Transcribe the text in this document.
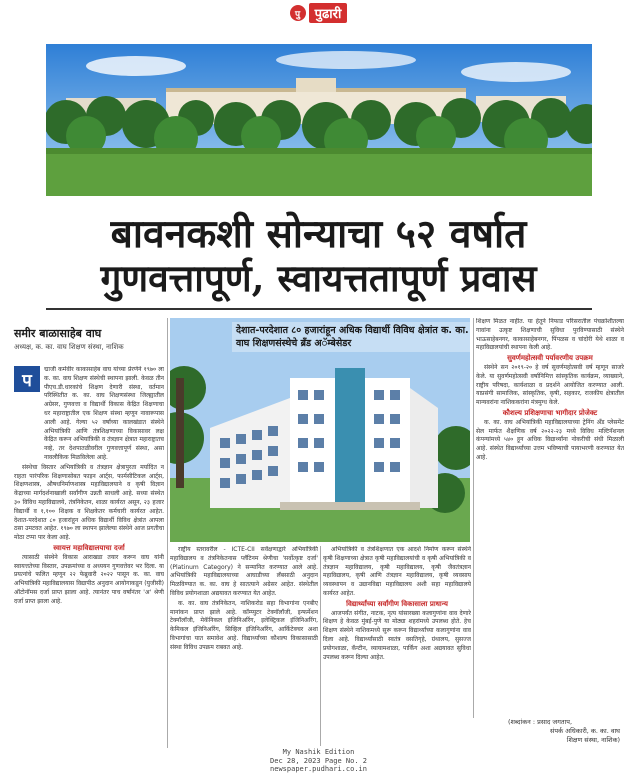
पु	पुढारी
बावनकशी सोन्याचा ५२ वर्षात
गुणवत्तापूर्ण, स्वायत्ततापूर्ण प्रवास
समीर बाळासाहेब वाघ
अध्यक्ष, क. का. वाघ शिक्षण संस्था, नाशिक
प

द्माजी कर्मवीर काकासाहेब वाघ यांच्या प्रेरणेने १९७० ला क. का. वाघ शिक्षण संस्थेची स्थापना झाली. केवळ तीन पीएच.डी.धारकांचे शिक्षण देणारी संस्था, वर्तमान परिस्थितीत क. का. वाघ शिक्षणसंस्था जिल्ह्यातील अग्रेसर, गुणवत्ता व विद्यार्थी विकास केंद्रित शिक्षणाचा धर महाराष्ट्रातील एक शिक्षण संस्था म्हणून नावारूपास आली आहे. गेल्या ५२ वर्षांच्या कालखंडात संस्थेने अभियांत्रिकी आणि तंत्रशिक्षणाच्या विकासावर लक्ष केंद्रित करून अभियांत्रिकी व तंत्रज्ञान क्षेत्रात महाराष्ट्रातच नव्हे, तर देशपातळीवरील गुणवत्तापूर्ण संस्था, असा नावलौकिक मिळविलेला आहे.

संस्थेचा विस्तार अभियांत्रिकी व तंत्रज्ञान क्षेत्रापुरता मर्यादित न राहता पारंपरिक शिक्षणासोबत फाइन आर्ट्स, फार्मसीटिकल आर्ट्स, शिक्षणशास्त्र, औषधनिर्माणशास्त्र महाविद्यालयाने व कृषी विज्ञान केंद्राच्या मार्गदर्शनाखाली सर्वांगीण उन्नती साधली आहे. सध्या संस्थेत ३० विविध महाविद्यालये, तंत्रनिकेतन, शाळा कार्यरत असून, २३ हजार विद्यार्थी व १,१०० शिक्षक व शिक्षकेतर कर्मचारी कार्यरत आहेत. देशात-परदेशात ८० हजारांहून अधिक विद्यार्थी विविध क्षेत्रांत आपला ठसा उमटवत आहेत. १९७० ला स्थापन झालेल्या संस्थेने आज प्रगतीचा मोठा टप्पा पार केला आहे.

स्वायत्त महाविद्यालयाचा दर्जा

त्यासाठी संस्थेने विकास आराखडा तयार करून वाघ यांनी स्वायत्ततेच्या विस्तार, उपक्रमांच्या व अध्ययन गुणवत्तेवर भर दिला. या प्रयत्नांचे फलित म्हणून २२ फेब्रुवारी २०२२ पासून क. का. वाघ अभियांत्रिकी महाविद्यालयास विद्यापीठ अनुदान आयोगाकडून (युजीसी) ऑटोनॉमस दर्जा प्राप्त झाला आहे. त्यानंतर पाच वर्षांनंतर 'अ' श्रेणी दर्जा प्राप्त झाला आहे.

देशात-परदेशात ८० हजारांहून अधिक विद्यार्थी विविध क्षेत्रांत क. का. वाघ शिक्षणसंस्थेचे ब्रँड अॅम्बेसेडर

राष्ट्रीय स्तरावरील - ICTE-CII सर्वेक्षणाद्वारे अभियांत्रिकी महाविद्यालय व तंत्रनिकेतनास प्लॅटिनम श्रेणीचा 'सर्वोत्कृष्ट दर्जा' (Platinum Category) ने सन्मानित करण्यात आले आहे. अभियांत्रिकी महाविद्यालयाच्या आघाडीच्या लॅबसाठी अनुदान मिळविण्यात क. का. वाघ हे सातत्याने अग्रेसर आहेत. संस्थेतील विविध प्रयोगशाळा अद्ययावत करण्यात येत आहेत.

क. का. वाघ तंत्रनिकेतन, नाशिकरोड सहा विभागांना एनबीए मानांकन प्राप्त झाले आहे. कॉम्प्युटर टेक्नॉलॉजी, इन्फर्मेशन टेक्नॉलॉजी, मेकॅनिकल इंजिनिअरिंग, इलेक्ट्रिकल इंजिनिअरिंग, केमिकल इंजिनिअरिंग, सिव्हिल इंजिनिअरिंग, आर्किटेक्चर अशा विभागांचा यात समावेश आहे. विद्यार्थ्यांच्या कौशल्य विकासासाठी संस्था विविध उपक्रम राबवत आहे.

अभियांत्रिकी व तंत्रशिक्षणात एक आदर्श निर्माण करून संस्थेने कृषी शिक्षणाच्या क्षेत्रात कृषी महाविद्यालयांची व कृषी अभियांत्रिकी व तंत्रज्ञान महाविद्यालय, कृषी महाविद्यालय, कृषी जैवतंत्रज्ञान महाविद्यालय, कृषी आणि तंत्रज्ञान महाविद्यालय, कृषी व्यवसाय व्यवस्थापन व उद्यानविद्या महाविद्यालय अशी सहा महाविद्यालये कार्यरत आहेत.

विद्यार्थ्यांच्या सर्वांगीण विकासाला प्राधान्य

आजपर्यंत संगीत, नाटक, नृत्य यांसारख्या कलागुणांना वाव देणारे शिक्षण हे केवळ मुंबई-पुणे या मोठ्या शहरांमध्ये उपलब्ध होते. हेच शिक्षण संस्थेने नाशिकमध्ये सुरू करून विद्यार्थ्यांच्या कलागुणांना वाव दिला आहे. विद्यार्थ्यांसाठी स्वतंत्र वसतिगृहे, ग्रंथालय, सुसज्ज प्रयोगशाळा, कॅन्टीन, व्यायामशाळा, पार्किंग अशा अद्ययावत सुविधा उपलब्ध करून दिल्या आहेत.

शिक्षण मिळत नाहीत. या हेतूने निफाड परिसरातील पंचक्रोशीतल्या गावांना उत्कृष्ट शिक्षणाची सुविधा पुरविण्यासाठी संस्थेने भाऊसाहेबनगर, काकासाहेबनगर, पिंपळस व चांदोरी येथे शाळा व महाविद्यालयांची स्थापना केली आहे.

सुवर्णमहोत्सवी पर्यावरणीय उपक्रम

संस्थेने सन २०१९-२० हे वर्ष सुवर्णमहोत्सवी वर्ष म्हणून साजरे केले. या सुवर्णमहोत्सवी वर्षानिमित्त सांस्कृतिक कार्यक्रम, व्याख्याने, राष्ट्रीय परिषदा, कार्यशाळा व प्रदर्शने आयोजित करण्यात आली. याप्रसंगी सामाजिक, सांस्कृतिक, कृषी, सहकार, राजकीय क्षेत्रातील मान्यवरांना नाशिककरांना मंत्रमुग्ध केले.

कौशल्य प्रशिक्षणाचा भागीदार प्रोजेक्ट

क. का. वाघ अभियांत्रिकी महाविद्यालयाच्या ट्रेनिंग अँड प्लेसमेंट सेल मार्फत शैक्षणिक वर्ष २०२२-२३ मध्ये विविध मल्टिनॅशनल कंपन्यांमध्ये ५४० हून अधिक विद्यार्थ्यांना नोकरीची संधी मिळाली आहे. संस्थेत विद्यार्थ्यांच्या उत्तम भविष्याची पायाभरणी करण्यात येत आहे.

(शब्दांकन : प्रसाद जगताप,
संपर्क अधिकारी, क. का. वाघ
शिक्षण संस्था, नाशिक)
My Nashik Edition
Dec 28, 2023 Page No. 2
newspaper.pudhari.co.in
